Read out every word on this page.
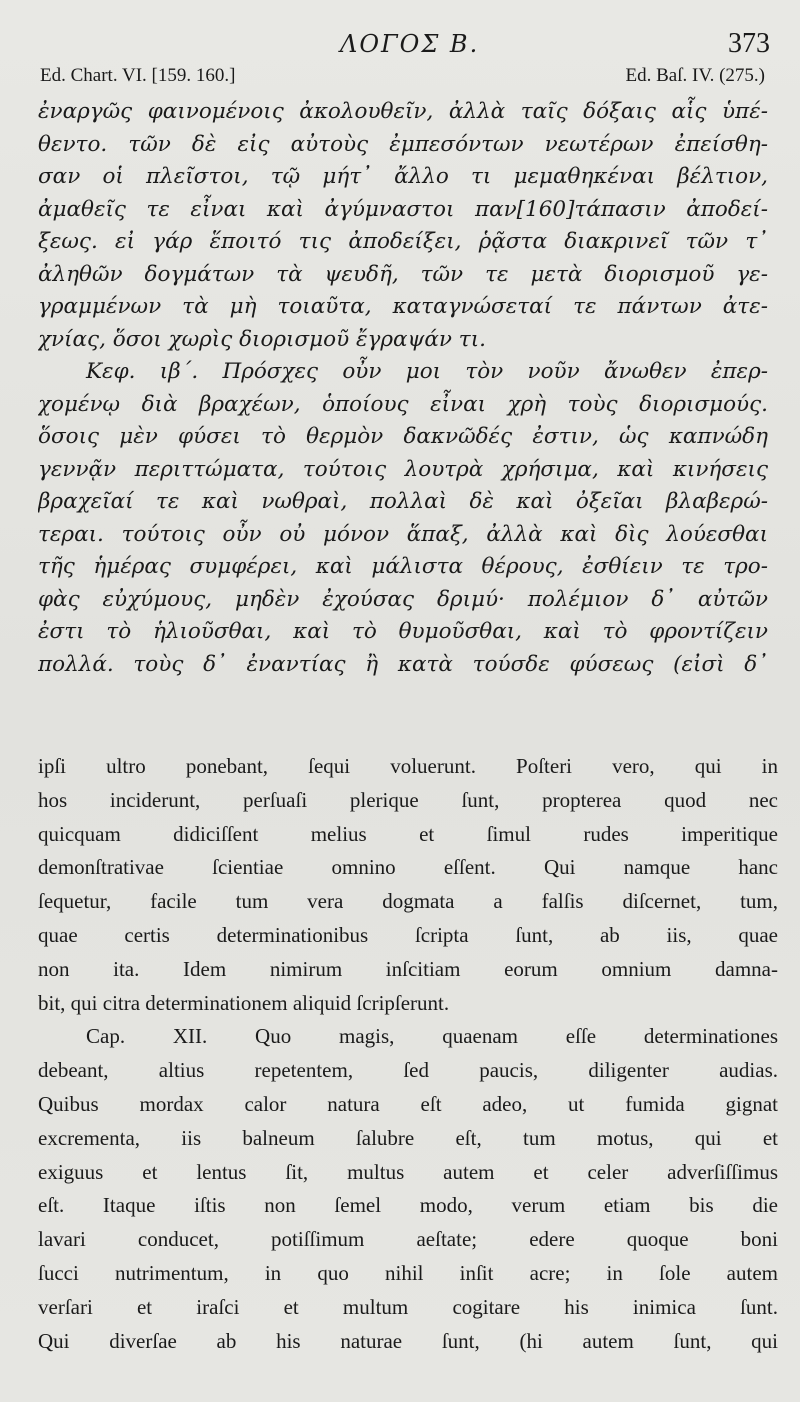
ΛΟΓΟΣ Β.	373
Ed. Chart. VI. [159. 160.]	Ed. Baſ. IV. (275.)
ἐναργῶς φαινομένοις ἀκολουθεῖν, ἀλλὰ ταῖς δόξαις αἷς ὑπέ-
θεντο. τῶν δὲ εἰς αὐτοὺς ἐμπεσόντων νεωτέρων ἐπείσθη-
σαν οἱ πλεῖστοι, τῷ μήτ᾽ ἄλλο τι μεμαθηκέναι βέλτιον,
ἀμαθεῖς τε εἶναι καὶ ἀγύμναστοι παν[160]τάπασιν ἀποδεί-
ξεως. εἰ γάρ ἕποιτό τις ἀποδείξει, ῥᾷστα διακρινεῖ τῶν τ᾽
ἀληθῶν δογμάτων τὰ ψευδῆ, τῶν τε μετὰ διορισμοῦ γε-
γραμμένων τὰ μὴ τοιαῦτα, καταγνώσεταί τε πάντων ἀτε-
χνίας, ὅσοι χωρὶς διορισμοῦ ἔγραψάν τι.
Κεφ. ιβ΄. Πρόσχες οὖν μοι τὸν νοῦν ἄνωθεν ἐπερ-
χομένῳ διὰ βραχέων, ὁποίους εἶναι χρὴ τοὺς διορισμούς.
ὅσοις μὲν φύσει τὸ θερμὸν δακνῶδές ἐστιν, ὡς καπνώδη
γεννᾷν περιττώματα, τούτοις λουτρὰ χρήσιμα, καὶ κινήσεις
βραχεῖαί τε καὶ νωθραὶ, πολλαὶ δὲ καὶ ὀξεῖαι βλαβερώ-
τεραι. τούτοις οὖν οὐ μόνον ἅπαξ, ἀλλὰ καὶ δὶς λούεσθαι
τῆς ἡμέρας συμφέρει, καὶ μάλιστα θέρους, ἐσθίειν τε τρο-
φὰς εὐχύμους, μηδὲν ἐχούσας δριμύ· πολέμιον δ᾽ αὐτῶν
ἐστι τὸ ἡλιοῦσθαι, καὶ τὸ θυμοῦσθαι, καὶ τὸ φροντίζειν
πολλά. τοὺς δ᾽ ἐναντίας ἢ κατὰ τούσδε φύσεως (εἰσὶ δ᾽
ipſi ultro ponebant, ſequi voluerunt. Poſteri vero, qui in
hos inciderunt, perſuaſi plerique ſunt, propterea quod nec
quicquam didiciſſent melius et ſimul rudes imperitique
demonſtrativae ſcientiae omnino eſſent. Qui namque hanc
ſequetur, facile tum vera dogmata a falſis diſcernet, tum,
quae certis determinationibus ſcripta ſunt, ab iis, quae
non ita. Idem nimirum inſcitiam eorum omnium damna-
bit, qui citra determinationem aliquid ſcripſerunt.
Cap. XII. Quo magis, quaenam eſſe determinationes
debeant, altius repetentem, ſed paucis, diligenter audias.
Quibus mordax calor natura eſt adeo, ut fumida gignat
excrementa, iis balneum ſalubre eſt, tum motus, qui et
exiguus et lentus ſit, multus autem et celer adverſiſſimus
eſt. Itaque iſtis non ſemel modo, verum etiam bis die
lavari conducet, potiſſimum aeſtate; edere quoque boni
ſucci nutrimentum, in quo nihil inſit acre; in ſole autem
verſari et iraſci et multum cogitare his inimica ſunt.
Qui diverſae ab his naturae ſunt, (hi autem ſunt, qui
